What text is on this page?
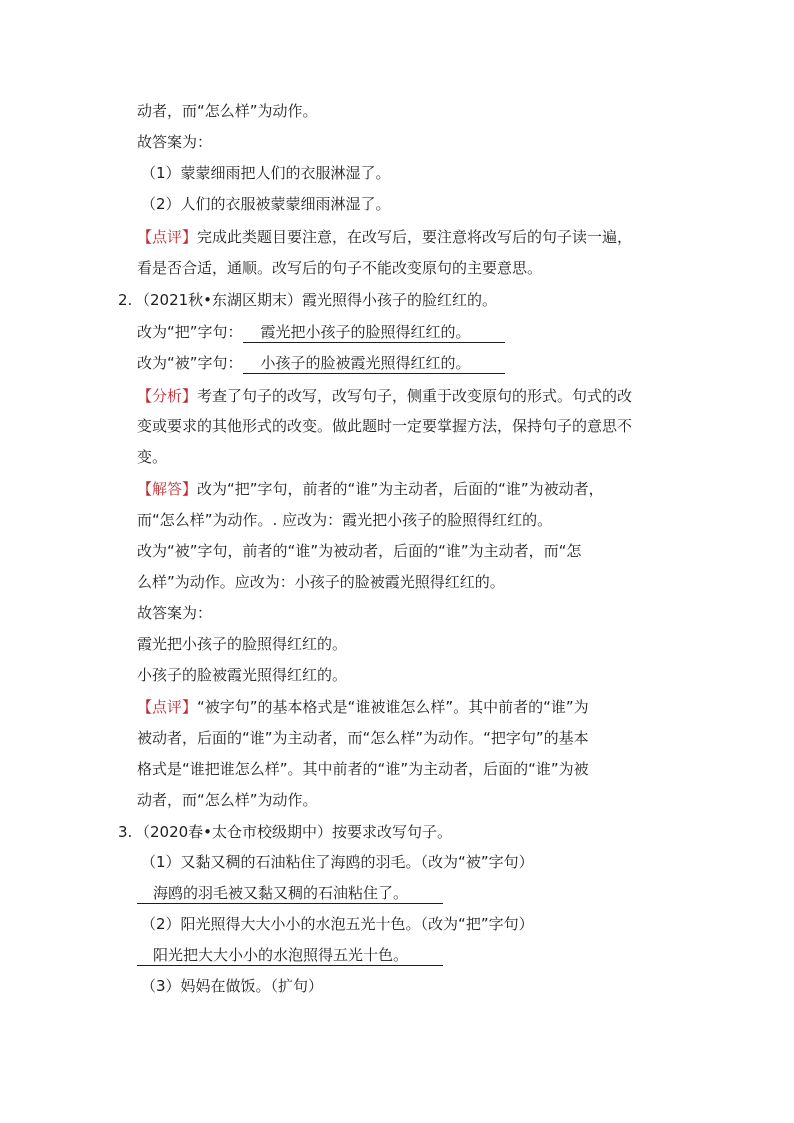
动者，而“怎么样”为动作。
故答案为：
（1）蒙蒙细雨把人们的衣服淋湿了。
（2）人们的衣服被蒙蒙细雨淋湿了。
【点评】完成此类题目要注意，在改写后，要注意将改写后的句子读一遍，
看是否合适，通顺。改写后的句子不能改变原句的主要意思。
2. （2021秋•东湖区期末）霞光照得小孩子的脸红红的。
改为“把”字句： 霞光把小孩子的脸照得红红的。
改为“被”字句： 小孩子的脸被霞光照得红红的。
【分析】考查了句子的改写，改写句子，侧重于改变原句的形式。句式的改
变或要求的其他形式的改变。做此题时一定要掌握方法，保持句子的意思不
变。
【解答】改为“把”字句，前者的“谁”为主动者，后面的“谁”为被动者，
而“怎么样”为动作。. 应改为：霞光把小孩子的脸照得红红的。
改为“被”字句，前者的“谁”为被动者，后面的“谁”为主动者，而“怎
么样”为动作。应改为：小孩子的脸被霞光照得红红的。
故答案为：
霞光把小孩子的脸照得红红的。
小孩子的脸被霞光照得红红的。
【点评】“被字句”的基本格式是“谁被谁怎么样”。其中前者的“谁”为
被动者，后面的“谁”为主动者，而“怎么样”为动作。“把字句”的基本
格式是“谁把谁怎么样”。其中前者的“谁”为主动者，后面的“谁”为被
动者，而“怎么样”为动作。
3. （2020春•太仓市校级期中）按要求改写句子。
（1）又黏又稠的石油粘住了海鸥的羽毛。（改为“被”字句）
海鸥的羽毛被又黏又稠的石油粘住了。
（2）阳光照得大大小小的水泡五光十色。（改为“把”字句）
阳光把大大小小的水泡照得五光十色。
（3）妈妈在做饭。（扩句）
